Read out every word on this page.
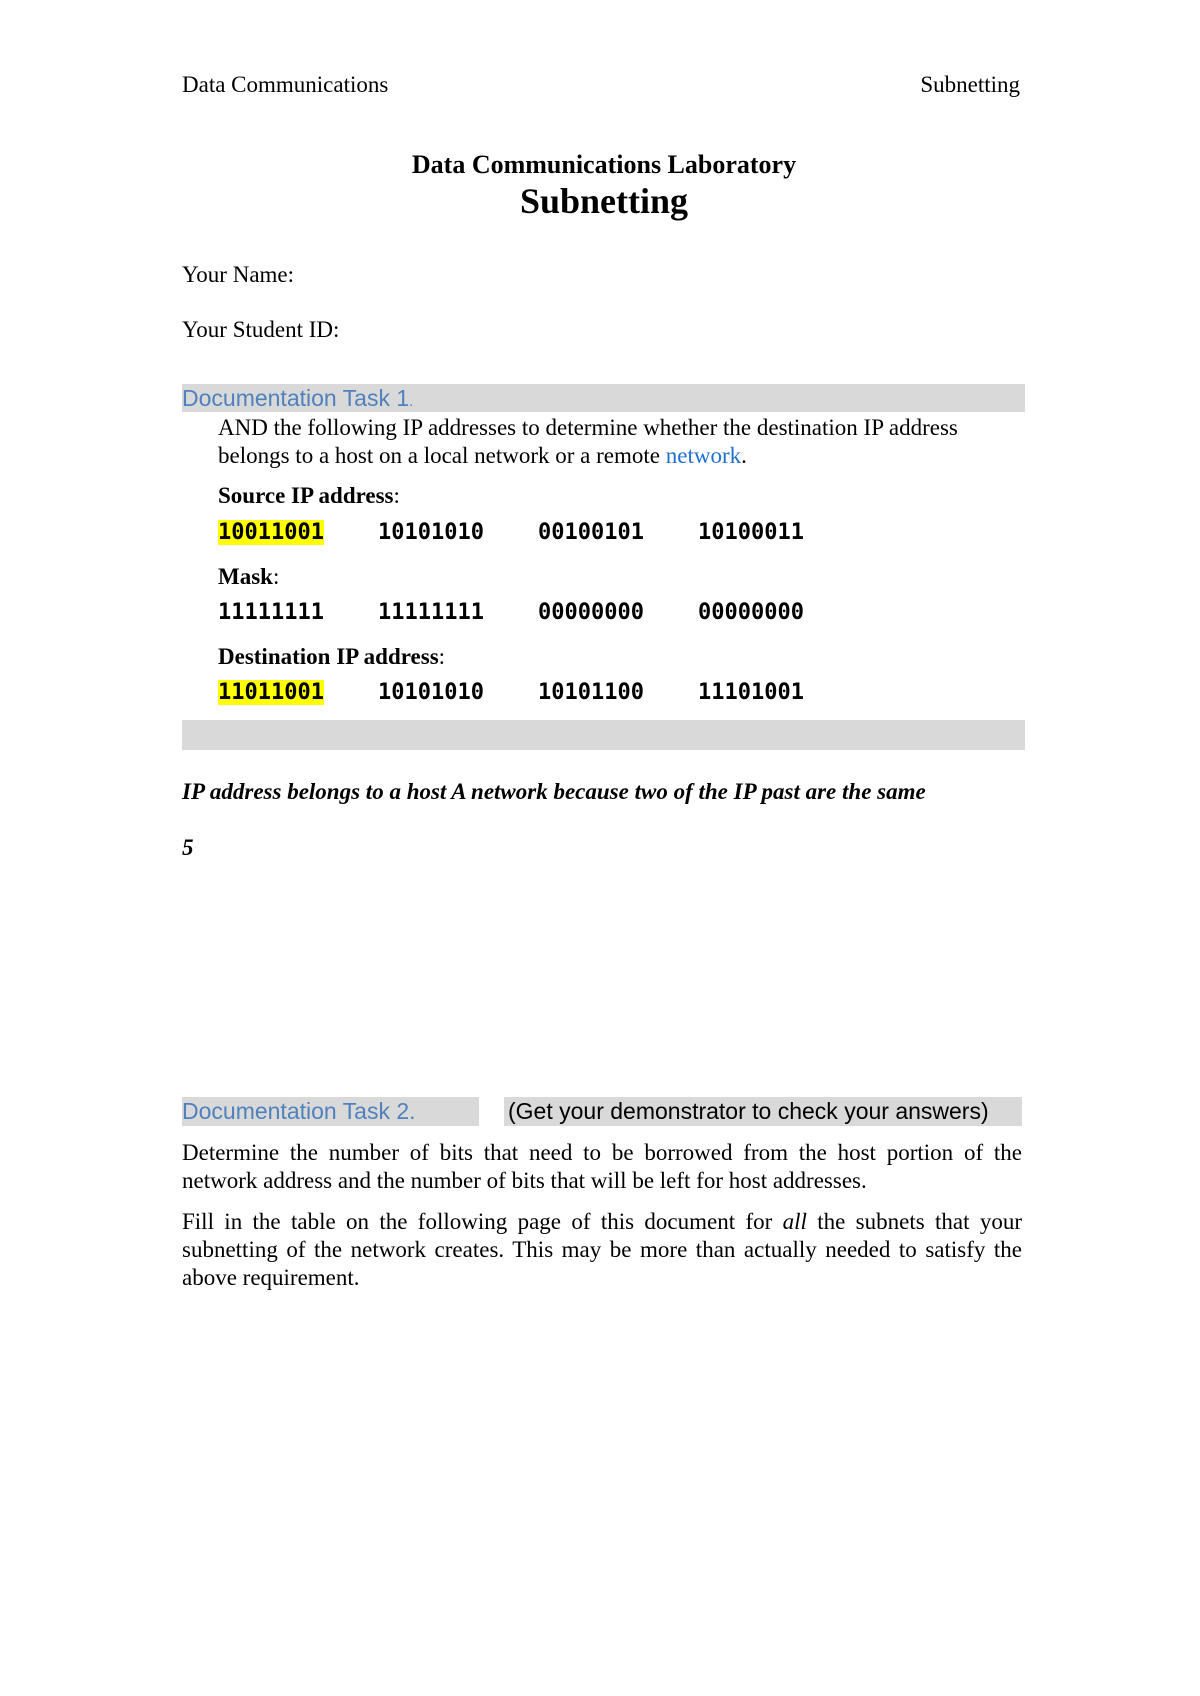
Data Communications	Subnetting
Data Communications Laboratory
Subnetting
Your Name:
Your Student ID:
Documentation Task 1.
AND the following IP addresses to determine whether the destination IP address belongs to a host on a local network or a remote network.
Source IP address:
10011001 10101010 00100101 10100011
Mask:
11111111 11111111 00000000 00000000
Destination IP address:
11011001 10101010 10101100 11101001
IP address belongs to a host A network because two of the IP past are the same
5
Documentation Task 2.	(Get your demonstrator to check your answers)
Determine the number of bits that need to be borrowed from the host portion of the network address and the number of bits that will be left for host addresses.
Fill in the table on the following page of this document for all the subnets that your subnetting of the network creates. This may be more than actually needed to satisfy the above requirement.
